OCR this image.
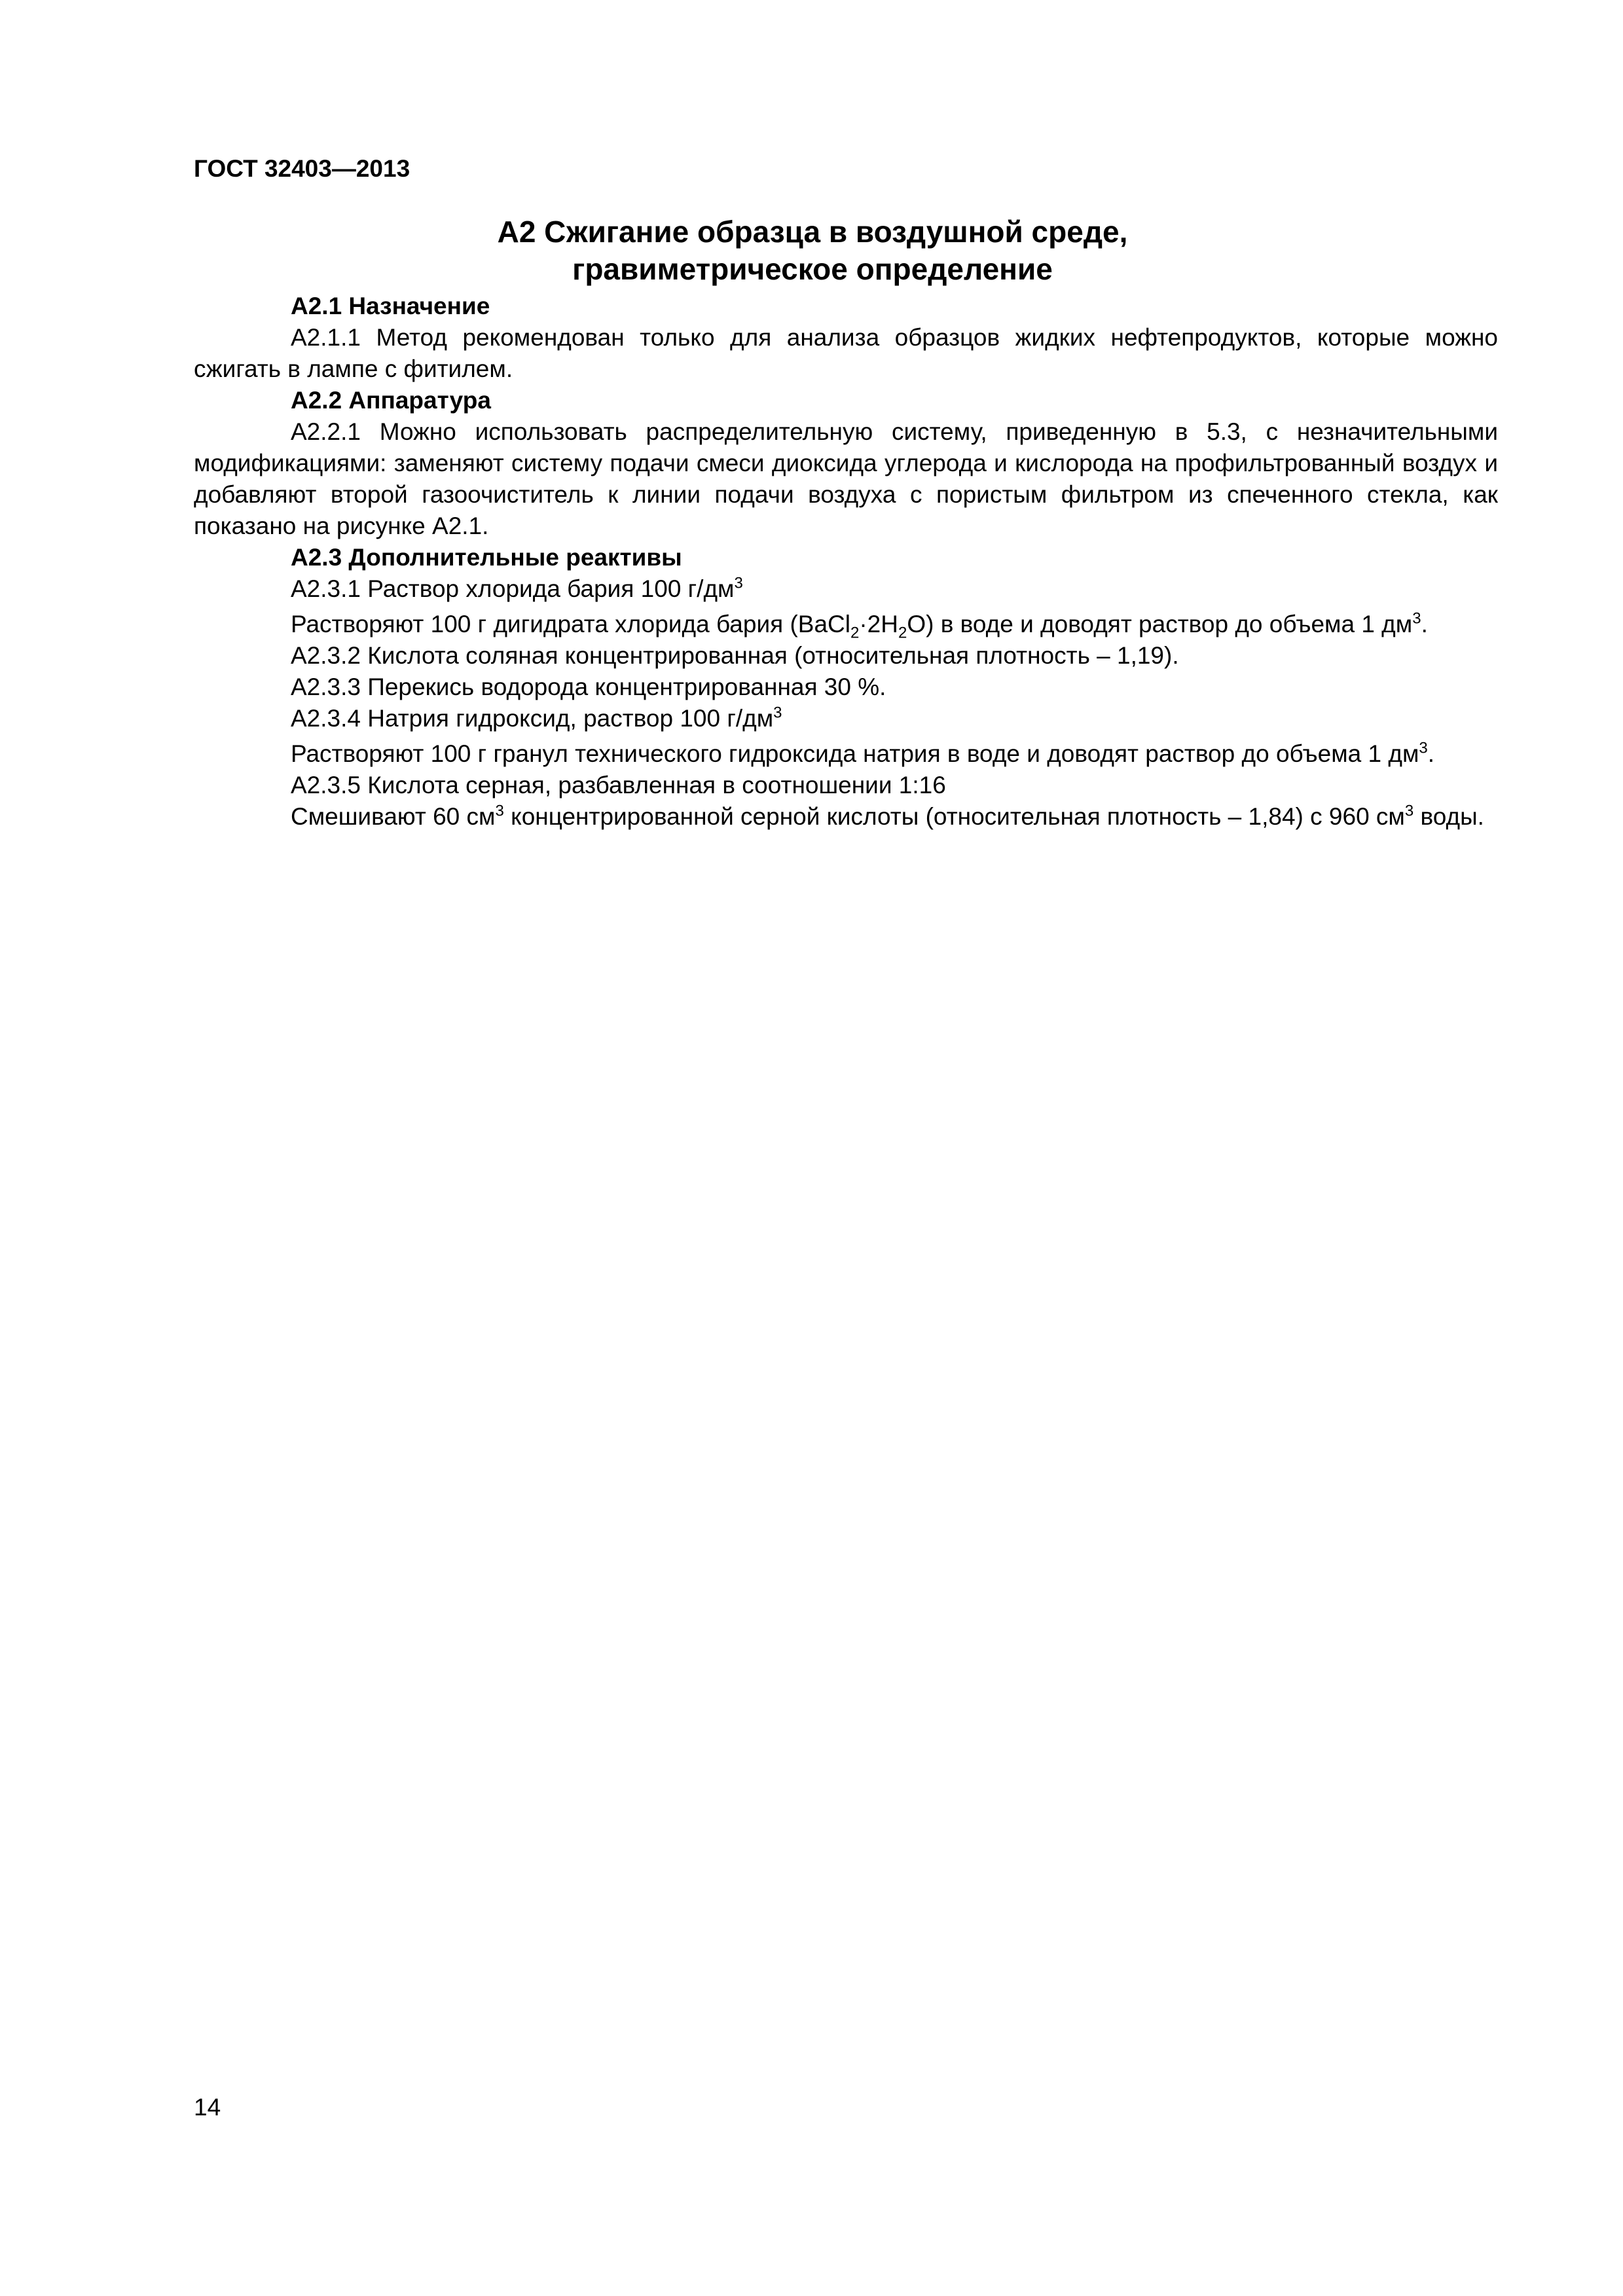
ГОСТ 32403—2013
А2 Сжигание образца в воздушной среде,
гравиметрическое определение

А2.1 Назначение

А2.1.1 Метод рекомендован только для анализа образцов жидких нефтепродуктов, которые можно сжигать в лампе с фитилем.

А2.2 Аппаратура

А2.2.1 Можно использовать распределительную систему, приведенную в 5.3, с незначительными модификациями: заменяют систему подачи смеси диоксида углерода и кислорода на профильтрованный воздух и добавляют второй газоочиститель к линии подачи воздуха с пористым фильтром из спеченного стекла, как показано на рисунке А2.1.

А2.3 Дополнительные реактивы

А2.3.1 Раствор хлорида бария 100 $г/дм^3$

Растворяют 100 г дигидрата хлорида бария $(BaCl_2\cdot 2H_2O)$ в воде и доводят раствор до объема 1 $дм^3$.

А2.3.2 Кислота соляная концентрированная (относительная плотность – 1,19).

А2.3.3 Перекись водорода концентрированная 30 %.

А2.3.4 Натрия гидроксид, раствор 100 $г/дм^3$

Растворяют 100 г гранул технического гидроксида натрия в воде и доводят раствор до объема 1 $дм^3$.

А2.3.5 Кислота серная, разбавленная в соотношении 1:16

Смешивают 60 $см^3$ концентрированной серной кислоты (относительная плотность – 1,84) с 960 $см^3$ воды.

14
